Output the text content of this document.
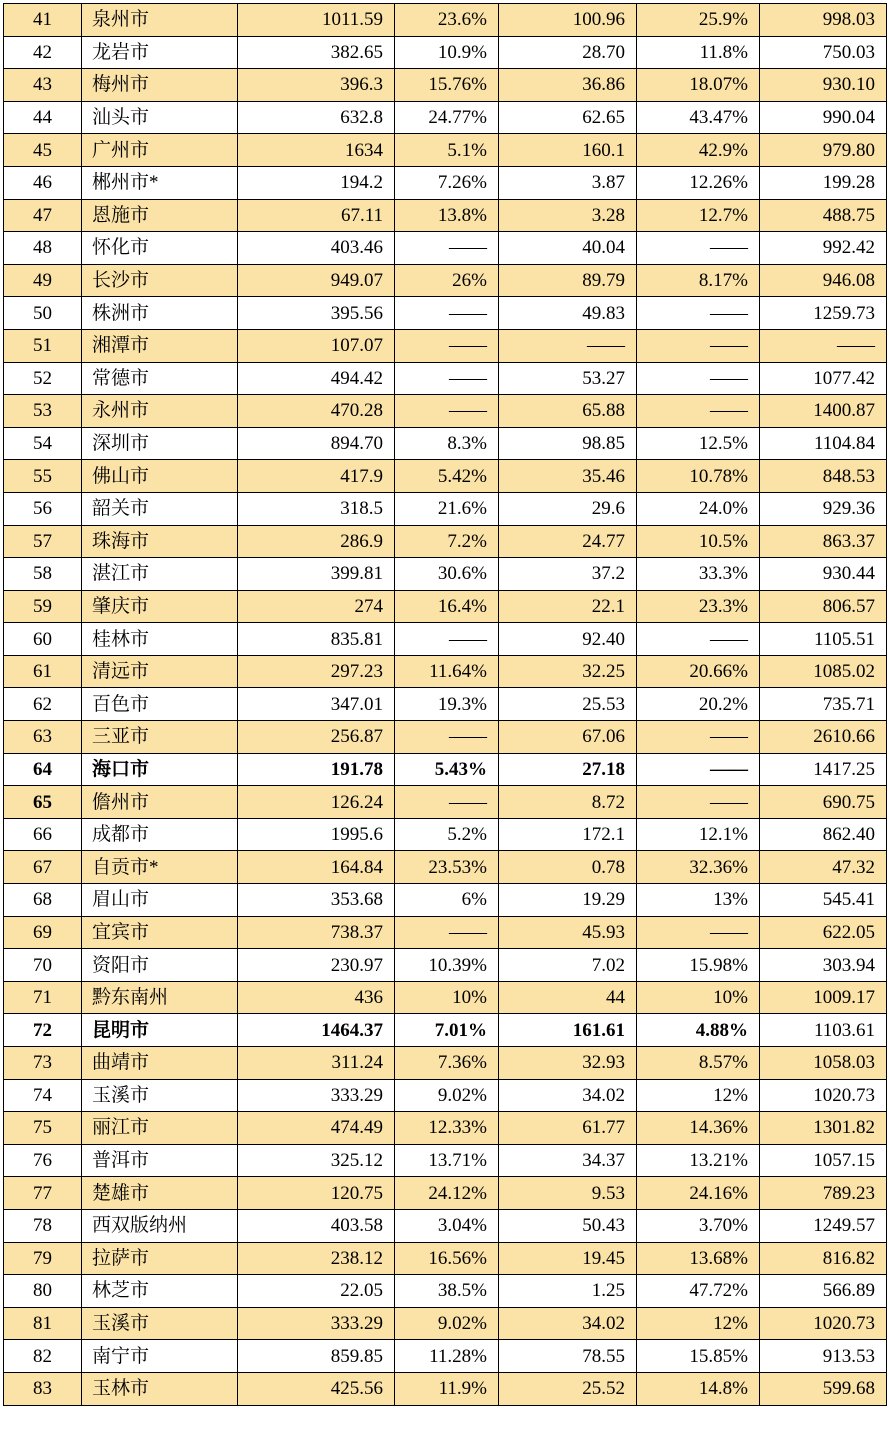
41	泉州市	1011.59	23.6%	100.96	25.9%	998.03
42	龙岩市	382.65	10.9%	28.70	11.8%	750.03
43	梅州市	396.3	15.76%	36.86	18.07%	930.10
44	汕头市	632.8	24.77%	62.65	43.47%	990.04
45	广州市	1634	5.1%	160.1	42.9%	979.80
46	郴州市*	194.2	7.26%	3.87	12.26%	199.28
47	恩施市	67.11	13.8%	3.28	12.7%	488.75
48	怀化市	403.46	——	40.04	——	992.42
49	长沙市	949.07	26%	89.79	8.17%	946.08
50	株洲市	395.56	——	49.83	——	1259.73
51	湘潭市	107.07	——	——	——	——
52	常德市	494.42	——	53.27	——	1077.42
53	永州市	470.28	——	65.88	——	1400.87
54	深圳市	894.70	8.3%	98.85	12.5%	1104.84
55	佛山市	417.9	5.42%	35.46	10.78%	848.53
56	韶关市	318.5	21.6%	29.6	24.0%	929.36
57	珠海市	286.9	7.2%	24.77	10.5%	863.37
58	湛江市	399.81	30.6%	37.2	33.3%	930.44
59	肇庆市	274	16.4%	22.1	23.3%	806.57
60	桂林市	835.81	——	92.40	——	1105.51
61	清远市	297.23	11.64%	32.25	20.66%	1085.02
62	百色市	347.01	19.3%	25.53	20.2%	735.71
63	三亚市	256.87	——	67.06	——	2610.66
64	海口市	191.78	5.43%	27.18	——	1417.25
65	儋州市	126.24	——	8.72	——	690.75
66	成都市	1995.6	5.2%	172.1	12.1%	862.40
67	自贡市*	164.84	23.53%	0.78	32.36%	47.32
68	眉山市	353.68	6%	19.29	13%	545.41
69	宜宾市	738.37	——	45.93	——	622.05
70	资阳市	230.97	10.39%	7.02	15.98%	303.94
71	黔东南州	436	10%	44	10%	1009.17
72	昆明市	1464.37	7.01%	161.61	4.88%	1103.61
73	曲靖市	311.24	7.36%	32.93	8.57%	1058.03
74	玉溪市	333.29	9.02%	34.02	12%	1020.73
75	丽江市	474.49	12.33%	61.77	14.36%	1301.82
76	普洱市	325.12	13.71%	34.37	13.21%	1057.15
77	楚雄市	120.75	24.12%	9.53	24.16%	789.23
78	西双版纳州	403.58	3.04%	50.43	3.70%	1249.57
79	拉萨市	238.12	16.56%	19.45	13.68%	816.82
80	林芝市	22.05	38.5%	1.25	47.72%	566.89
81	玉溪市	333.29	9.02%	34.02	12%	1020.73
82	南宁市	859.85	11.28%	78.55	15.85%	913.53
83	玉林市	425.56	11.9%	25.52	14.8%	599.68
